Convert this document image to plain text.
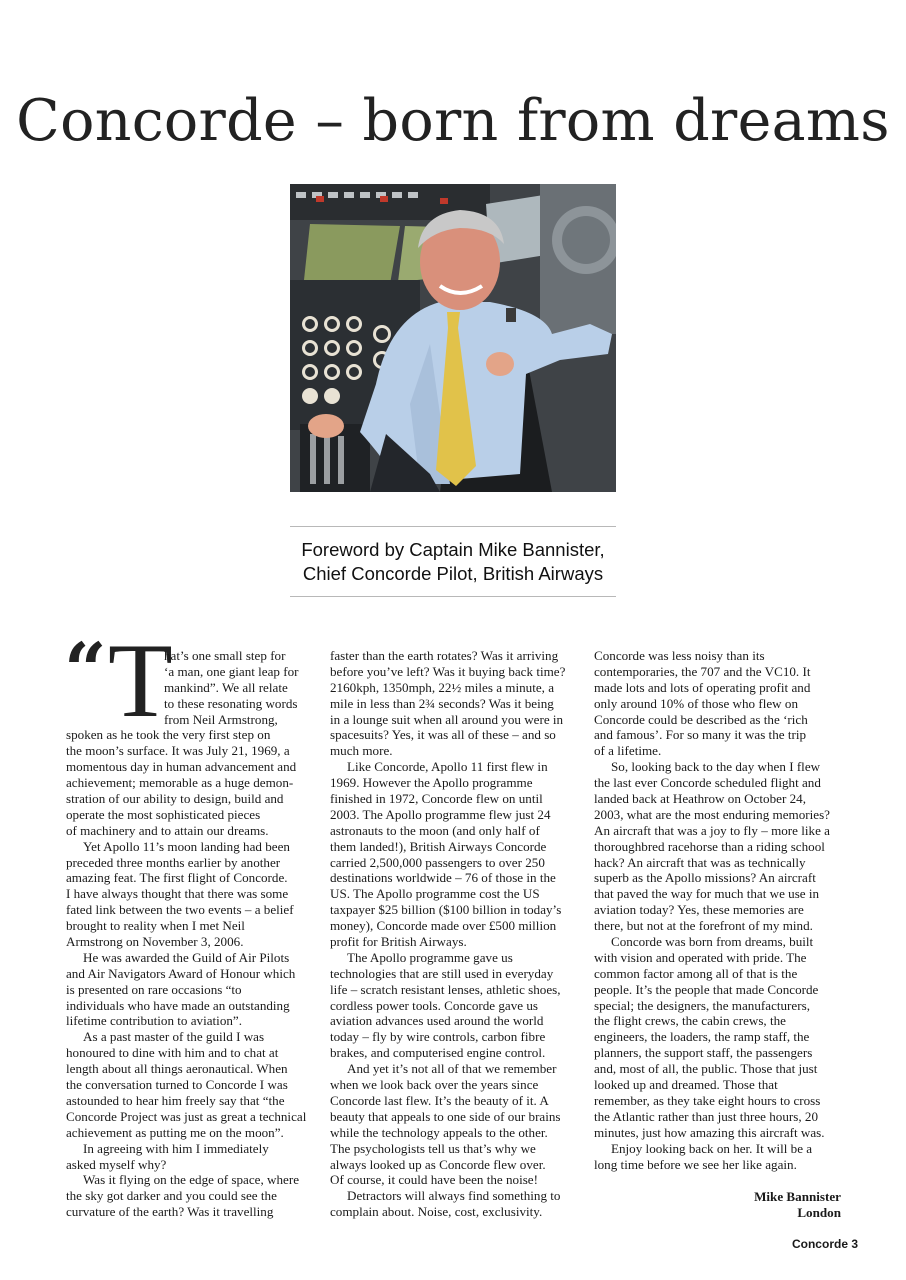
Concorde – born from dreams
Foreword by Captain Mike Bannister,
Chief Concorde Pilot, British Airways
“ T
hat’s one small step for
‘a man, one giant leap for
mankind”. We all relate
to these resonating words
from Neil Armstrong,
spoken as he took the very first step on
the moon’s surface. It was July 21, 1969, a
momentous day in human advancement and
achievement; memorable as a huge demon-
stration of our ability to design, build and
operate the most sophisticated pieces
of machinery and to attain our dreams.
Yet Apollo 11’s moon landing had been
preceded three months earlier by another
amazing feat. The first flight of Concorde.
I have always thought that there was some
fated link between the two events – a belief
brought to reality when I met Neil
Armstrong on November 3, 2006.
He was awarded the Guild of Air Pilots
and Air Navigators Award of Honour which
is presented on rare occasions “to
individuals who have made an outstanding
lifetime contribution to aviation”.
As a past master of the guild I was
honoured to dine with him and to chat at
length about all things aeronautical. When
the conversation turned to Concorde I was
astounded to hear him freely say that “the
Concorde Project was just as great a technical
achievement as putting me on the moon”.
In agreeing with him I immediately
asked myself why?
Was it flying on the edge of space, where
the sky got darker and you could see the
curvature of the earth? Was it travelling
faster than the earth rotates? Was it arriving
before you’ve left? Was it buying back time?
2160kph, 1350mph, 22½ miles a minute, a
mile in less than 2¾ seconds? Was it being
in a lounge suit when all around you were in
spacesuits? Yes, it was all of these – and so
much more.
Like Concorde, Apollo 11 first flew in
1969. However the Apollo programme
finished in 1972, Concorde flew on until
2003. The Apollo programme flew just 24
astronauts to the moon (and only half of
them landed!), British Airways Concorde
carried 2,500,000 passengers to over 250
destinations worldwide – 76 of those in the
US. The Apollo programme cost the US
taxpayer $25 billion ($100 billion in today’s
money), Concorde made over £500 million
profit for British Airways.
The Apollo programme gave us
technologies that are still used in everyday
life – scratch resistant lenses, athletic shoes,
cordless power tools. Concorde gave us
aviation advances used around the world
today – fly by wire controls, carbon fibre
brakes, and computerised engine control.
And yet it’s not all of that we remember
when we look back over the years since
Concorde last flew. It’s the beauty of it. A
beauty that appeals to one side of our brains
while the technology appeals to the other.
The psychologists tell us that’s why we
always looked up as Concorde flew over.
Of course, it could have been the noise!
Detractors will always find something to
complain about. Noise, cost, exclusivity.
Concorde was less noisy than its
contemporaries, the 707 and the VC10. It
made lots and lots of operating profit and
only around 10% of those who flew on
Concorde could be described as the ‘rich
and famous’. For so many it was the trip
of a lifetime.
So, looking back to the day when I flew
the last ever Concorde scheduled flight and
landed back at Heathrow on October 24,
2003, what are the most enduring memories?
An aircraft that was a joy to fly – more like a
thoroughbred racehorse than a riding school
hack? An aircraft that was as technically
superb as the Apollo missions? An aircraft
that paved the way for much that we use in
aviation today? Yes, these memories are
there, but not at the forefront of my mind.
Concorde was born from dreams, built
with vision and operated with pride. The
common factor among all of that is the
people. It’s the people that made Concorde
special; the designers, the manufacturers,
the flight crews, the cabin crews, the
engineers, the loaders, the ramp staff, the
planners, the support staff, the passengers
and, most of all, the public. Those that just
looked up and dreamed. Those that
remember, as they take eight hours to cross
the Atlantic rather than just three hours, 20
minutes, just how amazing this aircraft was.
Enjoy looking back on her. It will be a
long time before we see her like again.
Mike Bannister
London
Concorde 3
